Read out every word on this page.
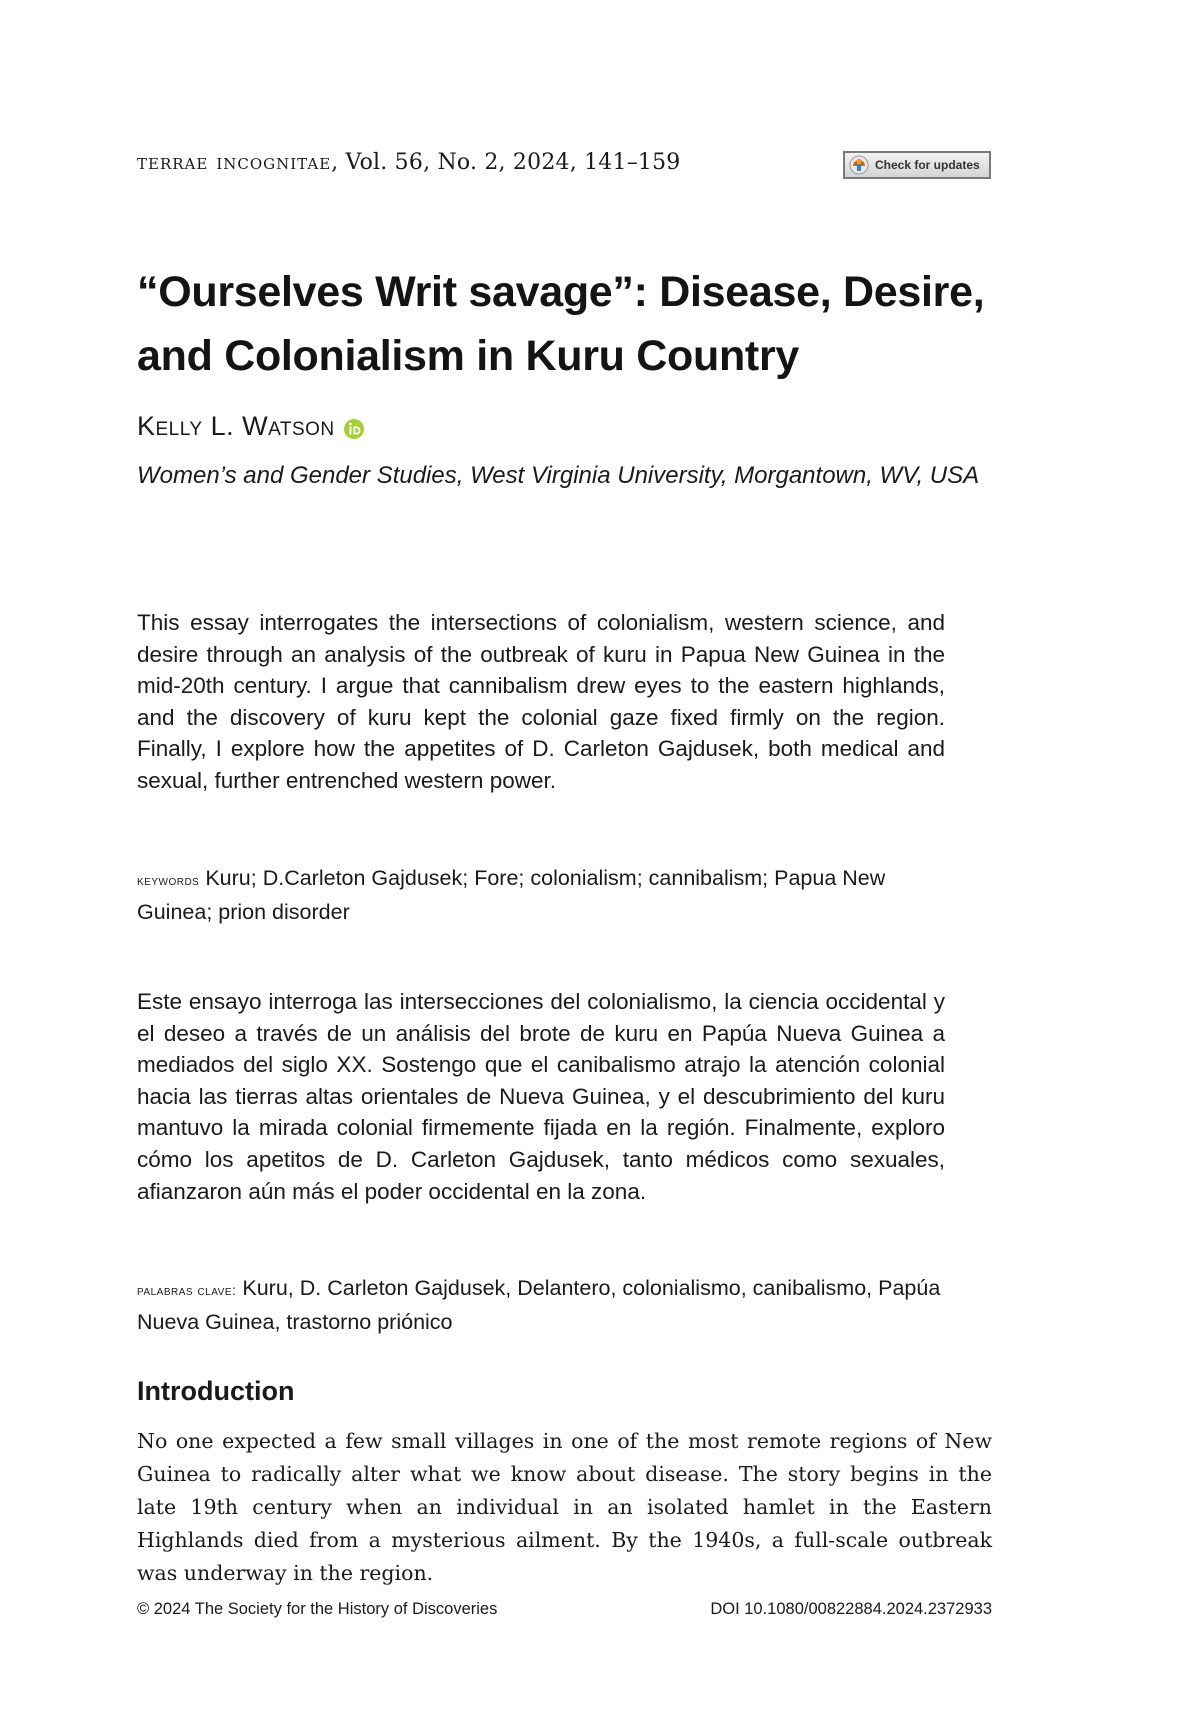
terrae incognitae, Vol. 56, No. 2, 2024, 141–159	Check for updates
“Ourselves Writ savage”: Disease, Desire, and Colonialism in Kuru Country
Kelly L. Watson
Women’s and Gender Studies, West Virginia University, Morgantown, WV, USA

This essay interrogates the intersections of colonialism, western science, and desire through an analysis of the outbreak of kuru in Papua New Guinea in the mid-20th century. I argue that cannibalism drew eyes to the eastern highlands, and the discovery of kuru kept the colonial gaze fixed firmly on the region. Finally, I explore how the appetites of D. Carleton Gajdusek, both medical and sexual, further entrenched western power.

keywords Kuru; D.Carleton Gajdusek; Fore; colonialism; cannibalism; Papua New Guinea; prion disorder

Este ensayo interroga las intersecciones del colonialismo, la ciencia occidental y el deseo a través de un análisis del brote de kuru en Papúa Nueva Guinea a mediados del siglo XX. Sostengo que el canibalismo atrajo la atención colonial hacia las tierras altas orientales de Nueva Guinea, y el descubrimiento del kuru mantuvo la mirada colonial firmemente fijada en la región. Finalmente, exploro cómo los apetitos de D. Carleton Gajdusek, tanto médicos como sexuales, afianzaron aún más el poder occidental en la zona.

palabras clave: Kuru, D. Carleton Gajdusek, Delantero, colonialismo, canibalismo, Papúa Nueva Guinea, trastorno priónico

Introduction

No one expected a few small villages in one of the most remote regions of New Guinea to radically alter what we know about disease. The story begins in the late 19th century when an individual in an isolated hamlet in the Eastern Highlands died from a mysterious ailment. By the 1940s, a full-scale outbreak was underway in the region.

© 2024 The Society for the History of Discoveries	DOI 10.1080/00822884.2024.2372933
